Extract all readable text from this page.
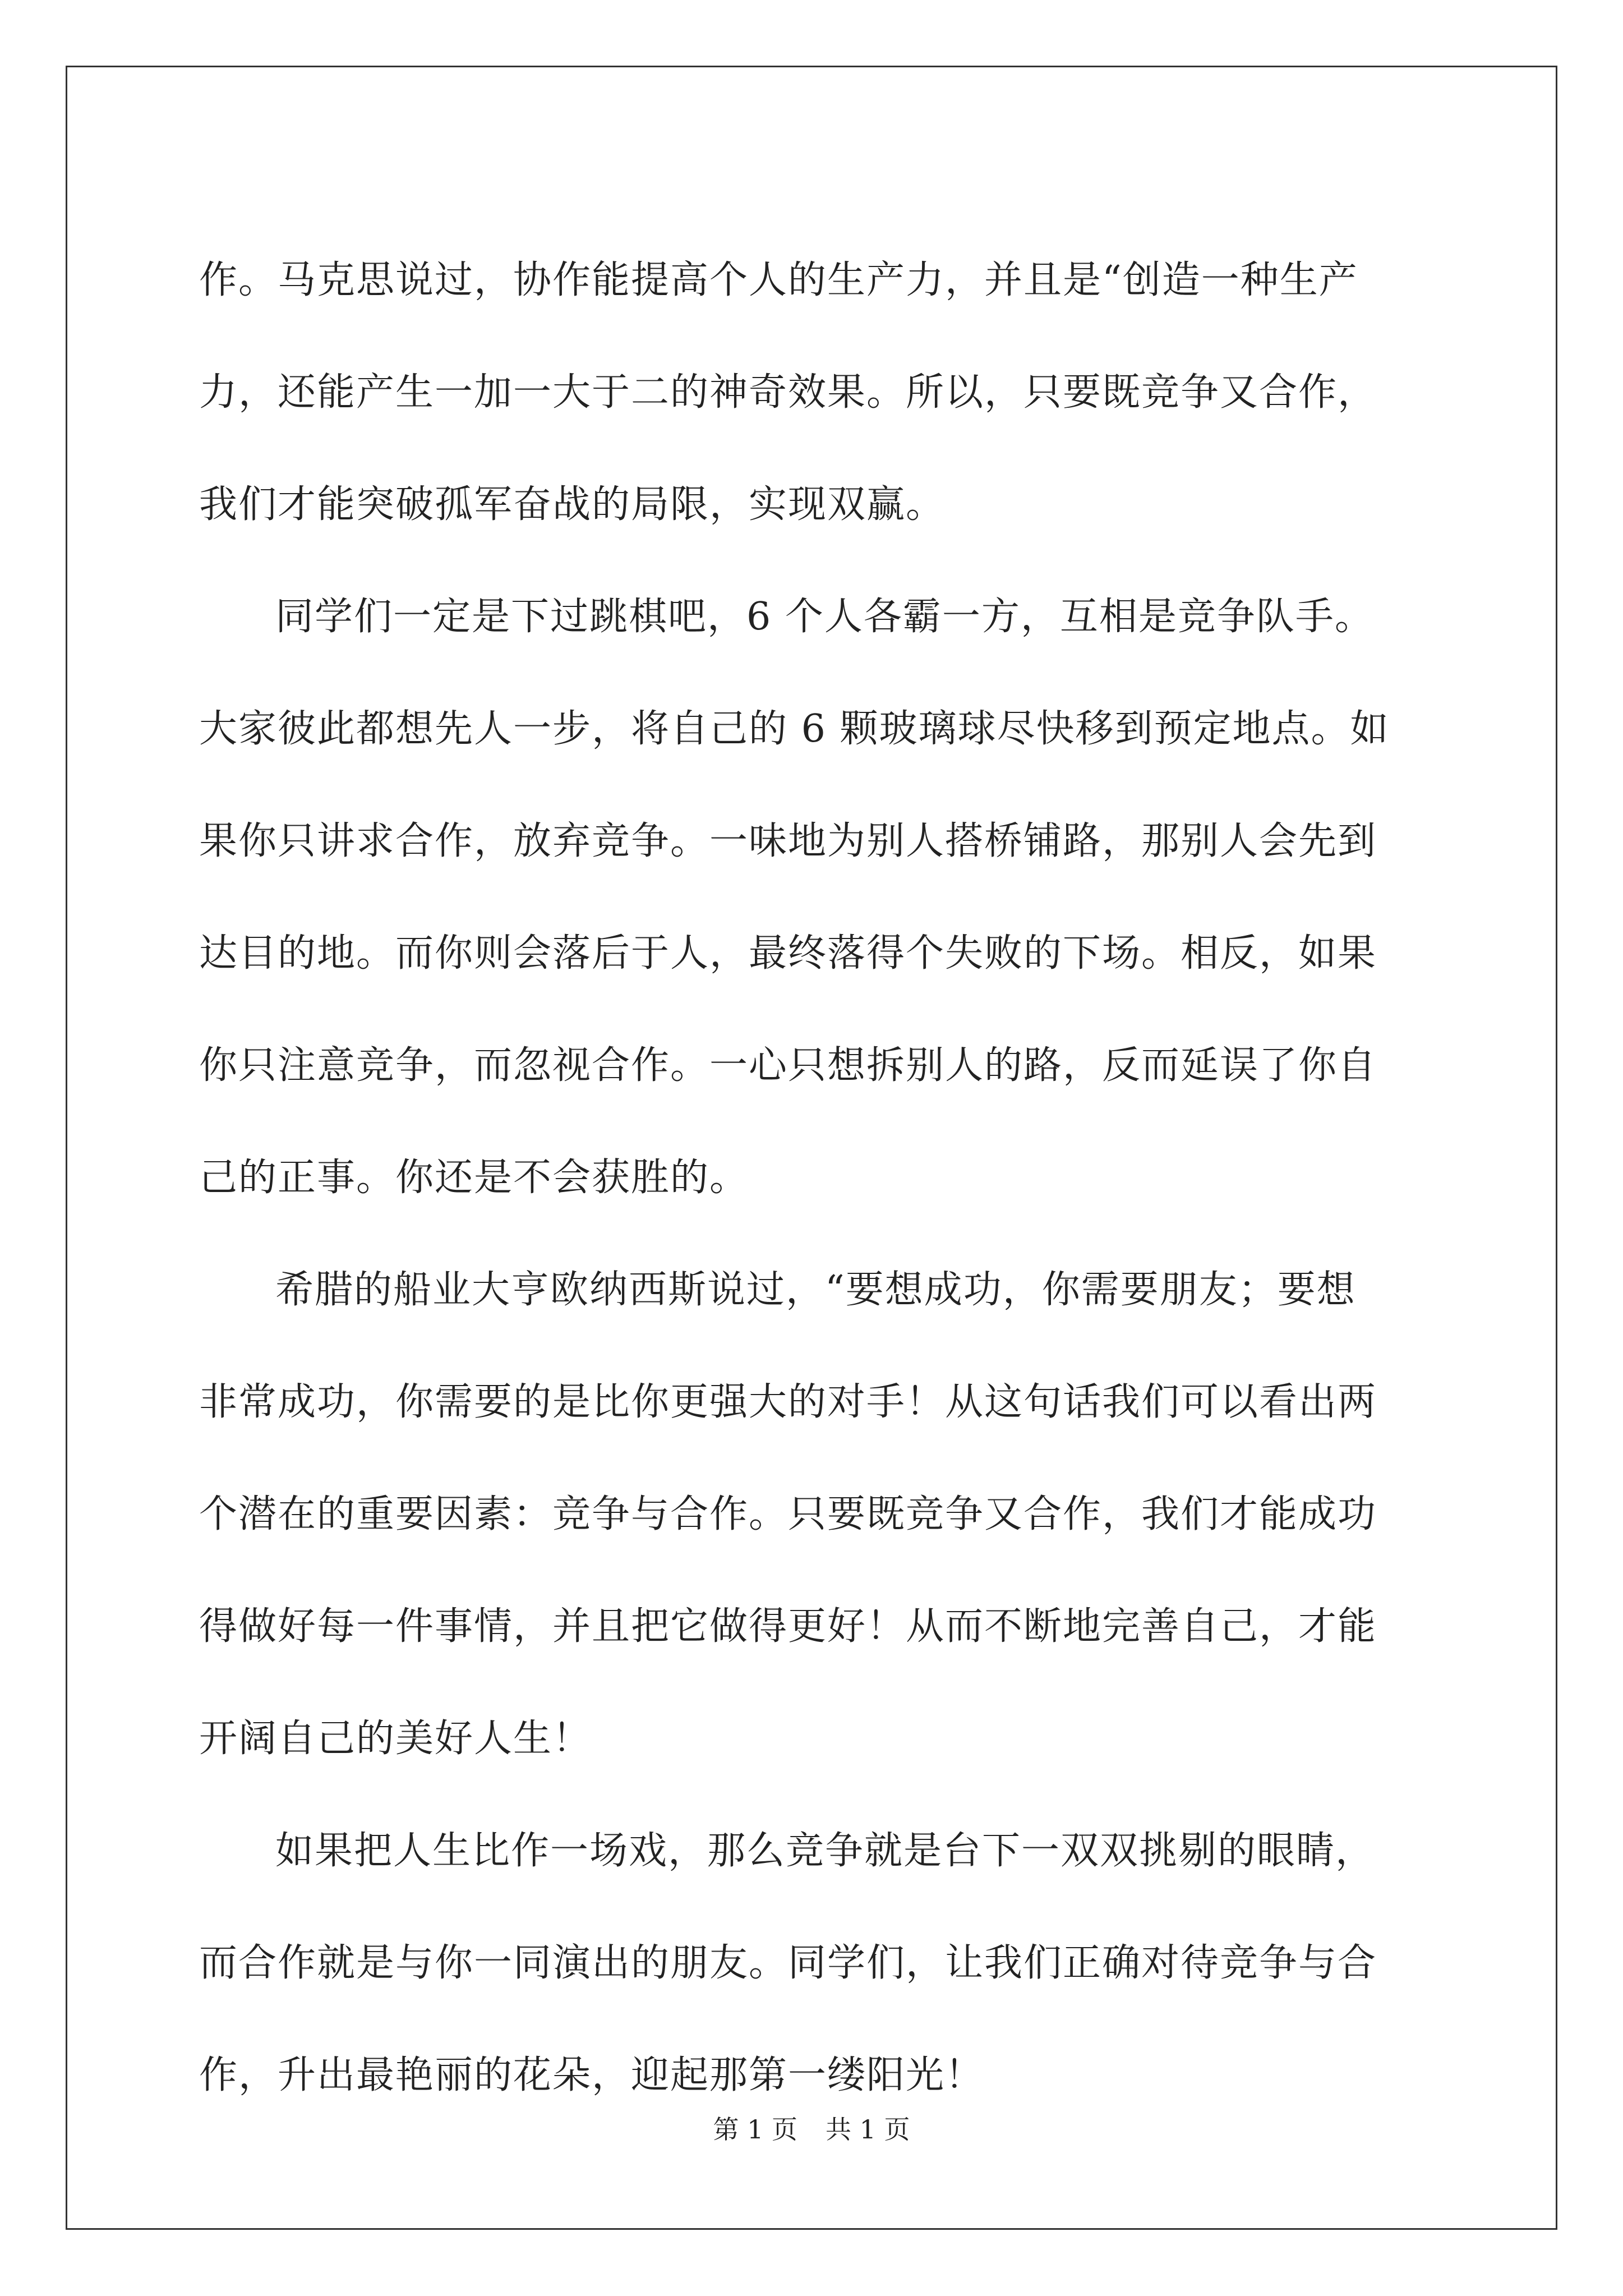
作。马克思说过，协作能提高个人的生产力，并且是“创造一种生产
力，还能产生一加一大于二的神奇效果。所以，只要既竞争又合作，
我们才能突破孤军奋战的局限，实现双赢。
同学们一定是下过跳棋吧，6 个人各霸一方，互相是竞争队手。
大家彼此都想先人一步，将自己的 6 颗玻璃球尽快移到预定地点。如
果你只讲求合作，放弃竞争。一味地为别人搭桥铺路，那别人会先到
达目的地。而你则会落后于人，最终落得个失败的下场。相反，如果
你只注意竞争，而忽视合作。一心只想拆别人的路，反而延误了你自
己的正事。你还是不会获胜的。
希腊的船业大亨欧纳西斯说过，“要想成功，你需要朋友；要想
非常成功，你需要的是比你更强大的对手！从这句话我们可以看出两
个潜在的重要因素：竞争与合作。只要既竞争又合作，我们才能成功
得做好每一件事情，并且把它做得更好！从而不断地完善自己，才能
开阔自己的美好人生！
如果把人生比作一场戏，那么竞争就是台下一双双挑剔的眼睛，
而合作就是与你一同演出的朋友。同学们，让我们正确对待竞争与合
作，升出最艳丽的花朵，迎起那第一缕阳光！
第 1 页 共 1 页
